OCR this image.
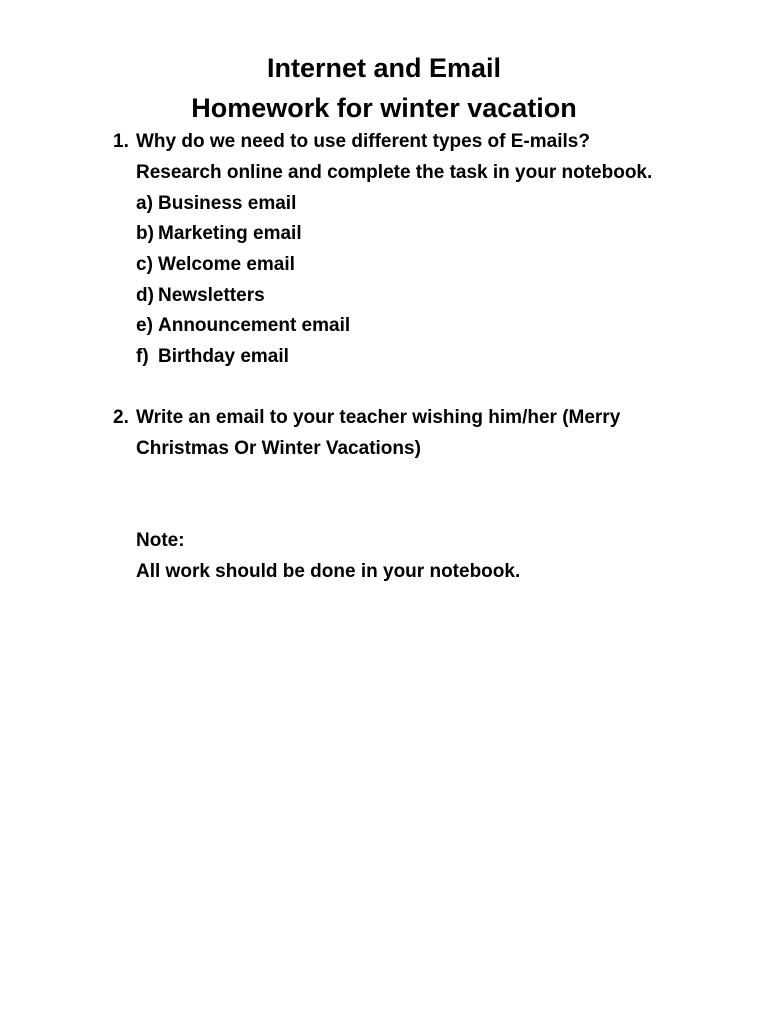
Internet and Email
Homework for winter vacation
1. Why do we need to use different types of E-mails?
Research online and complete the task in your notebook.
a) Business email
b) Marketing email
c) Welcome email
d) Newsletters
e) Announcement email
f) Birthday email
2. Write an email to your teacher wishing him/her (Merry
Christmas Or Winter Vacations)
Note:
All work should be done in your notebook.
